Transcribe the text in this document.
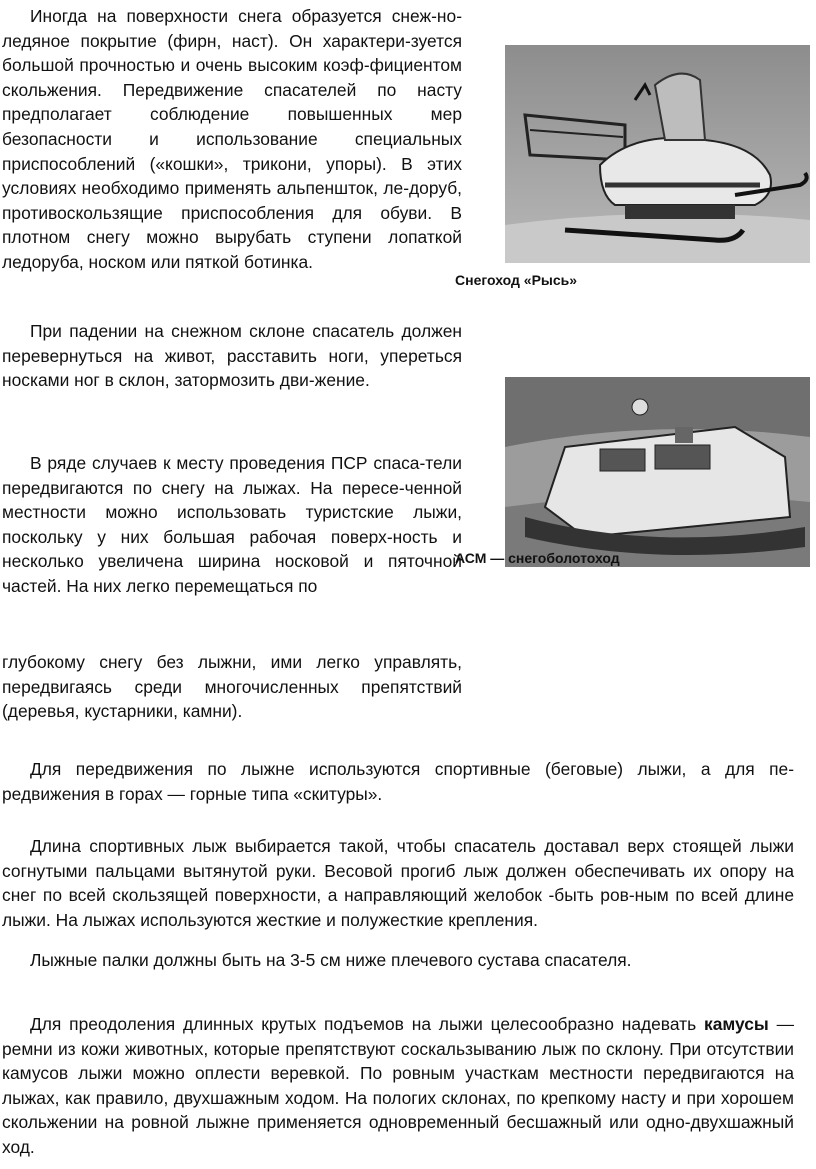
Иногда на поверхности снега образуется снеж-но-ледяное покрытие (фирн, наст). Он характери-зуется большой прочностью и очень высоким коэф-фициентом скольжения. Передвижение спасателей по насту предполагает соблюдение повышенных мер безопасности и использование специальных приспособлений («кошки», трикони, упоры). В этих условиях необходимо применять альпеншток, ле-доруб, противоскользящие приспособления для обуви. В плотном снегу можно вырубать ступени лопаткой ледоруба, носком или пяткой ботинка.

Снегоход «Рысь»

При падении на снежном склоне спасатель должен перевернуться на живот, расставить ноги, упереться носками ног в склон, затормозить дви-жение.

АСМ — снегоболотоход

В ряде случаев к месту проведения ПСР спаса-тели передвигаются по снегу на лыжах. На пересе-ченной местности можно использовать туристские лыжи, поскольку у них большая рабочая поверх-ность и несколько увеличена ширина носковой и пяточной частей. На них легко перемещаться по

глубокому снегу без лыжни, ими легко управлять, передвигаясь среди многочисленных препятствий (деревья, кустарники, камни).

Для передвижения по лыжне используются спортивные (беговые) лыжи, а для пе-редвижения в горах — горные типа «скитуры».

Длина спортивных лыж выбирается такой, чтобы спасатель доставал верх стоящей лыжи согнутыми пальцами вытянутой руки. Весовой прогиб лыж должен обеспечивать их опору на снег по всей скользящей поверхности, а направляющий желобок -быть ров-ным по всей длине лыжи. На лыжах используются жесткие и полужесткие крепления.

Лыжные палки должны быть на 3-5 см ниже плечевого сустава спасателя.

Для преодоления длинных крутых подъемов на лыжи целесообразно надевать камусы — ремни из кожи животных, которые препятствуют соскальзыванию лыж по склону. При отсутствии камусов лыжи можно оплести веревкой. По ровным участкам местности передвигаются на лыжах, как правило, двухшажным ходом. На пологих склонах, по крепкому насту и при хорошем скольжении на ровной лыжне применяется одновременный бесшажный или одно-двухшажный ход.
